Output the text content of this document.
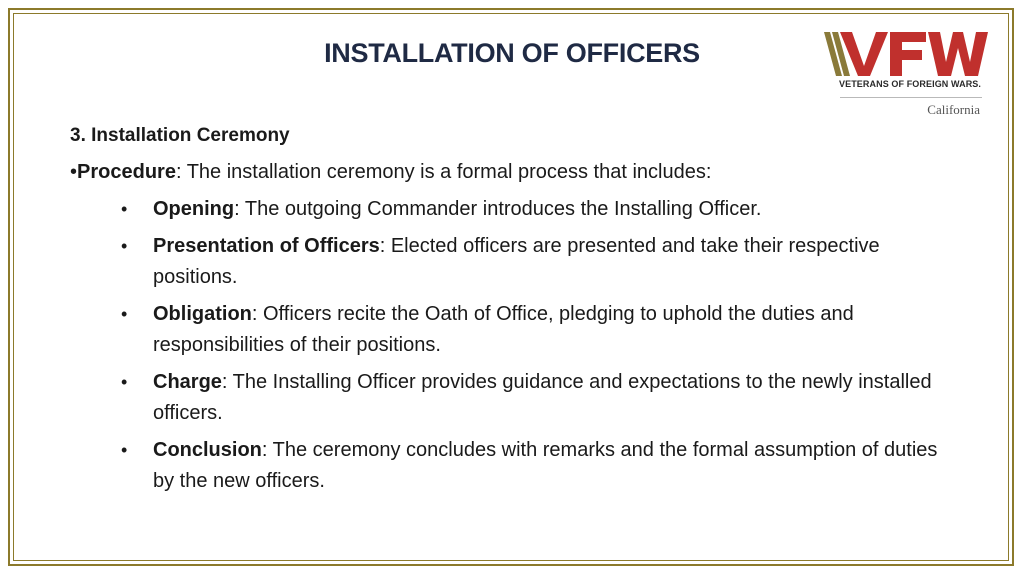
INSTALLATION OF OFFICERS
VETERANS OF FOREIGN WARS.
California
3. Installation Ceremony

•Procedure: The installation ceremony is a formal process that includes:

• Opening: The outgoing Commander introduces the Installing Officer.
• Presentation of Officers: Elected officers are presented and take their respective positions.
• Obligation: Officers recite the Oath of Office, pledging to uphold the duties and responsibilities of their positions.
• Charge: The Installing Officer provides guidance and expectations to the newly installed officers.
• Conclusion: The ceremony concludes with remarks and the formal assumption of duties by the new officers.
